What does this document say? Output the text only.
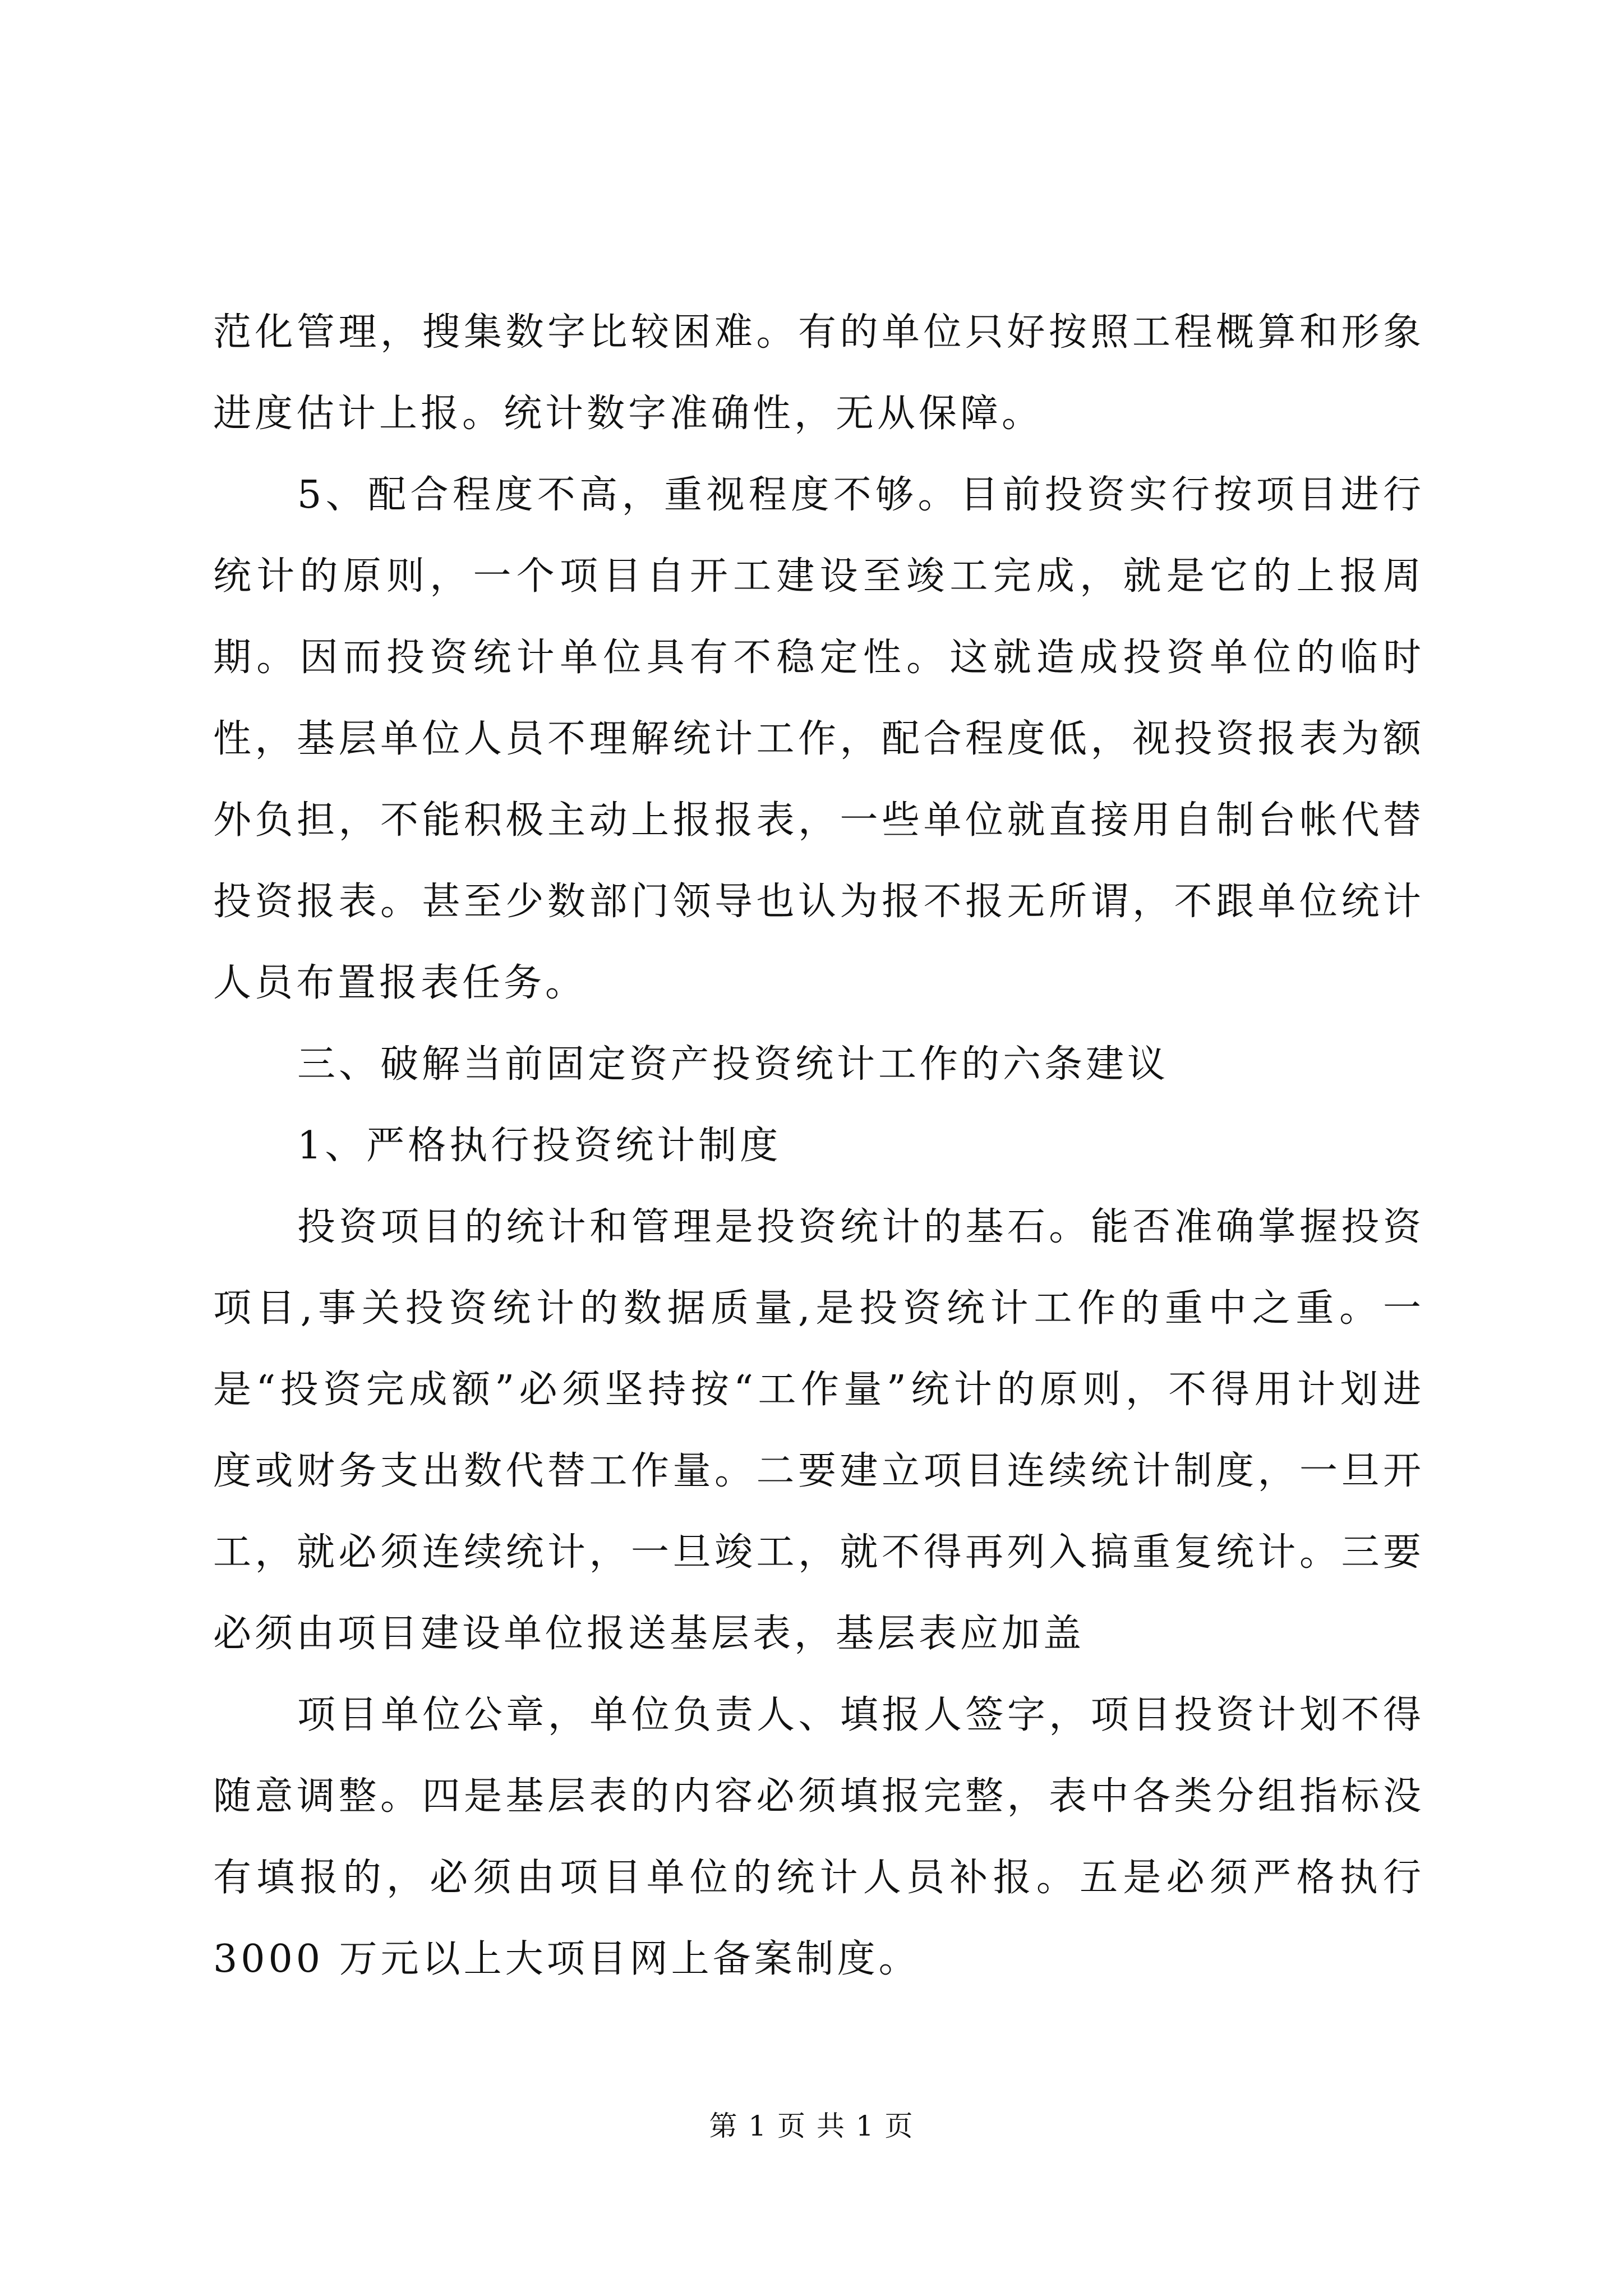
范化管理，搜集数字比较困难。有的单位只好按照工程概算和形象进度估计上报。统计数字准确性，无从保障。

5、配合程度不高，重视程度不够。目前投资实行按项目进行统计的原则，一个项目自开工建设至竣工完成，就是它的上报周期。因而投资统计单位具有不稳定性。这就造成投资单位的临时性，基层单位人员不理解统计工作，配合程度低，视投资报表为额外负担，不能积极主动上报报表，一些单位就直接用自制台帐代替投资报表。甚至少数部门领导也认为报不报无所谓，不跟单位统计人员布置报表任务。

三、破解当前固定资产投资统计工作的六条建议

1、严格执行投资统计制度

投资项目的统计和管理是投资统计的基石。能否准确掌握投资项目,事关投资统计的数据质量,是投资统计工作的重中之重。一是“投资完成额”必须坚持按“工作量”统计的原则，不得用计划进度或财务支出数代替工作量。二要建立项目连续统计制度，一旦开工，就必须连续统计，一旦竣工，就不得再列入搞重复统计。三要必须由项目建设单位报送基层表，基层表应加盖

项目单位公章，单位负责人、填报人签字，项目投资计划不得随意调整。四是基层表的内容必须填报完整，表中各类分组指标没有填报的，必须由项目单位的统计人员补报。五是必须严格执行 3000 万元以上大项目网上备案制度。

第 1 页 共 1 页
